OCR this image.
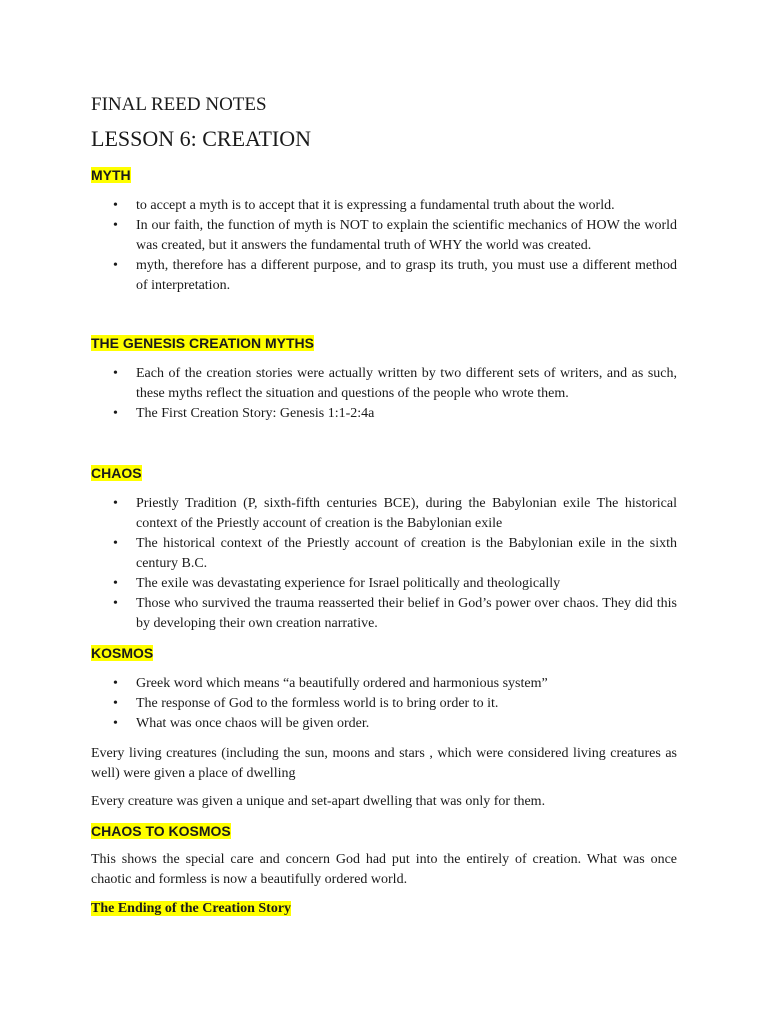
FINAL REED NOTES
LESSON 6: CREATION

MYTH

• to accept a myth is to accept that it is expressing a fundamental truth about the world.
• In our faith, the function of myth is NOT to explain the scientific mechanics of HOW the world was created, but it answers the fundamental truth of WHY the world was created.
• myth, therefore has a different purpose, and to grasp its truth, you must use a different method of interpretation.

THE GENESIS CREATION MYTHS

• Each of the creation stories were actually written by two different sets of writers, and as such, these myths reflect the situation and questions of the people who wrote them.
• The First Creation Story: Genesis 1:1-2:4a

CHAOS

• Priestly Tradition (P, sixth-fifth centuries BCE), during the Babylonian exile The historical context of the Priestly account of creation is the Babylonian exile
• The historical context of the Priestly account of creation is the Babylonian exile in the sixth century B.C.
• The exile was devastating experience for Israel politically and theologically
• Those who survived the trauma reasserted their belief in God’s power over chaos. They did this by developing their own creation narrative.

KOSMOS

• Greek word which means “a beautifully ordered and harmonious system”
• The response of God to the formless world is to bring order to it.
• What was once chaos will be given order.

Every living creatures (including the sun, moons and stars , which were considered living creatures as well) were given a place of dwelling

Every creature was given a unique and set-apart dwelling that was only for them.

CHAOS TO KOSMOS

This shows the special care and concern God had put into the entirely of creation. What was once chaotic and formless is now a beautifully ordered world.

The Ending of the Creation Story
